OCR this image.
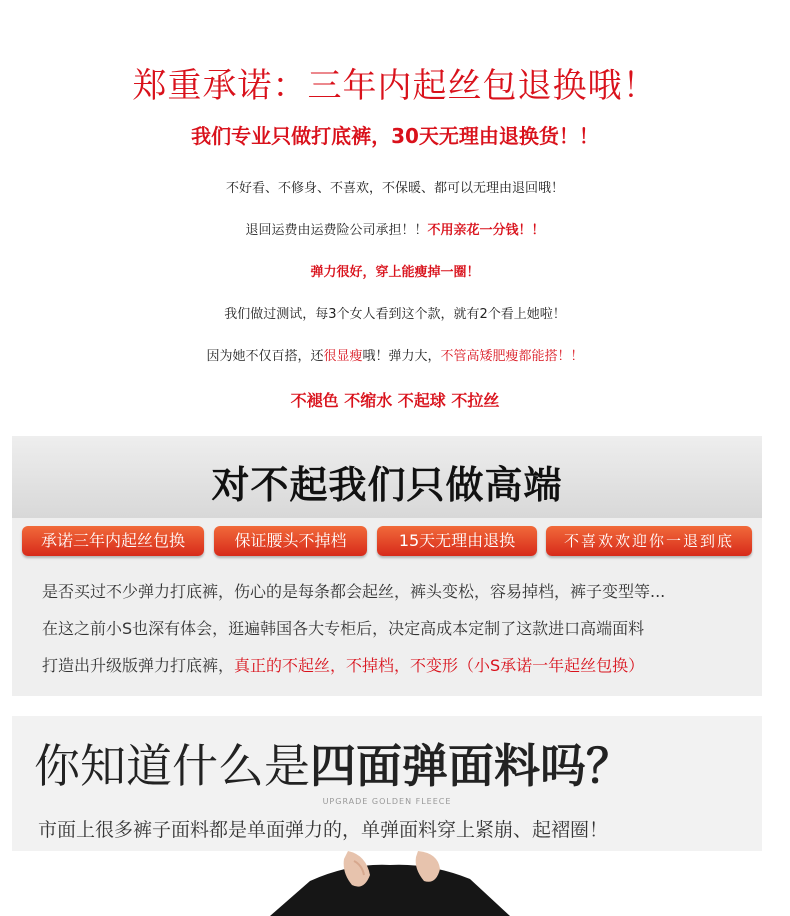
郑重承诺：三年内起丝包退换哦！
我们专业只做打底裤，30天无理由退换货！！
不好看、不修身、不喜欢，不保暖、都可以无理由退回哦！
退回运费由运费险公司承担！！不用亲花一分钱！！
弹力很好，穿上能瘦掉一圈！
我们做过测试，每3个女人看到这个款，就有2个看上她啦！
因为她不仅百搭，还很显瘦哦！弹力大，不管高矮肥瘦都能搭！！
不褪色 不缩水 不起球 不拉丝
对不起我们只做高端
承诺三年内起丝包换	保证腰头不掉档	15天无理由退换	不喜欢欢迎你一退到底
是否买过不少弹力打底裤，伤心的是每条都会起丝，裤头变松，容易掉档，裤子变型等...
在这之前小S也深有体会，逛遍韩国各大专柜后，决定高成本定制了这款进口高端面料
打造出升级版弹力打底裤，真正的不起丝，不掉档，不变形（小S承诺一年起丝包换）
你知道什么是四面弹面料吗？
UPGRADE GOLDEN FLEECE
市面上很多裤子面料都是单面弹力的，单弹面料穿上紧崩、起褶圈！
